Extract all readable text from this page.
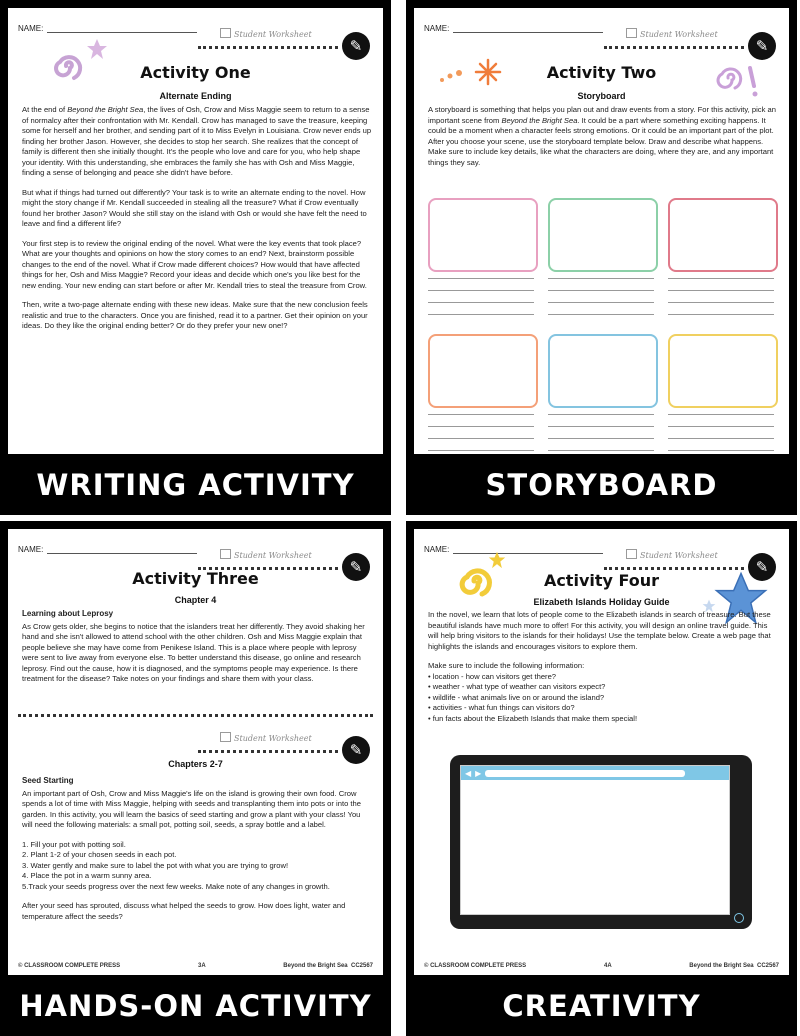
NAME:
Student Worksheet
✎
Activity One
Alternate Ending

At the end of Beyond the Bright Sea, the lives of Osh, Crow and Miss Maggie seem to return to a sense of normalcy after their confrontation with Mr. Kendall. Crow has managed to save the treasure, keeping some for herself and her brother, and sending part of it to Miss Evelyn in Louisiana. Crow never ends up finding her brother Jason. However, she decides to stop her search. She realizes that the concept of family is different then she initially thought. It's the people who love and care for you, who help shape your identity. With this understanding, she embraces the family she has with Osh and Miss Maggie, finding a sense of belonging and peace she didn't have before.

But what if things had turned out differently? Your task is to write an alternate ending to the novel. How might the story change if Mr. Kendall succeeded in stealing all the treasure? What if Crow eventually found her brother Jason? Would she still stay on the island with Osh or would she have felt the need to leave and find a different life?

Your first step is to review the original ending of the novel. What were the key events that took place? What are your thoughts and opinions on how the story comes to an end? Next, brainstorm possible changes to the end of the novel. What if Crow made different choices? How would that have affected things for her, Osh and Miss Maggie? Record your ideas and decide which one's you like best for the new ending. Your new ending can start before or after Mr. Kendall tries to steal the treasure from Crow.

Then, write a two-page alternate ending with these new ideas. Make sure that the new conclusion feels realistic and true to the characters. Once you are finished, read it to a partner. Get their opinion on your ideas. Do they like the original ending better? Or do they prefer your new one!?

WRITING ACTIVITY
NAME:
Student Worksheet
✎
Activity Two
Storyboard

A storyboard is something that helps you plan out and draw events from a story. For this activity, pick an important scene from Beyond the Bright Sea. It could be a part where something exciting happens. It could be a moment when a character feels strong emotions. Or it could be an important part of the plot. After you choose your scene, use the storyboard template below. Draw and describe what happens. Make sure to include key details, like what the characters are doing, where they are, and any important things they say.

STORYBOARD
NAME:
Student Worksheet
✎
Activity Three
Chapter 4
Learning about Leprosy

As Crow gets older, she begins to notice that the islanders treat her differently. They avoid shaking her hand and she isn't allowed to attend school with the other children. Osh and Miss Maggie explain that people believe she may have come from Penikese Island. This is a place where people with leprosy were sent to live away from everyone else. To better understand this disease, go online and research leprosy. Find out the cause, how it is diagnosed, and the symptoms people may experience. Is there treatment for the disease? Take notes on your findings and share them with your class.

Student Worksheet
✎
Chapters 2-7
Seed Starting

An important part of Osh, Crow and Miss Maggie's life on the island is growing their own food. Crow spends a lot of time with Miss Maggie, helping with seeds and transplanting them into pots or into the garden. In this activity, you will learn the basics of seed starting and grow a plant with your class! You will need the following materials: a small pot, potting soil, seeds, a spray bottle and a label.

1. Fill your pot with potting soil.
2. Plant 1-2 of your chosen seeds in each pot.
3. Water gently and make sure to label the pot with what you are trying to grow!
4. Place the pot in a warm sunny area.
5.Track your seeds progress over the next few weeks. Make note of any changes in growth.

After your seed has sprouted, discuss what helped the seeds to grow. How does light, water and temperature affect the seeds?

© CLASSROOM COMPLETE PRESS	3A	Beyond the Bright Sea CC2567
HANDS-ON ACTIVITY
NAME:
Student Worksheet
✎
Activity Four
Elizabeth Islands Holiday Guide

In the novel, we learn that lots of people come to the Elizabeth islands in search of treasure. But these beautiful islands have much more to offer! For this activity, you will design an online travel guide. This will help bring visitors to the islands for their holidays! Use the template below. Create a web page that highlights the islands and encourages visitors to explore them.

Make sure to include the following information:
• location - how can visitors get there?
• weather - what type of weather can visitors expect?
• wildlife - what animals live on or around the island?
• activities - what fun things can visitors do?
• fun facts about the Elizabeth Islands that make them special!
◀ ▶
© CLASSROOM COMPLETE PRESS	4A	Beyond the Bright Sea CC2567
CREATIVITY
